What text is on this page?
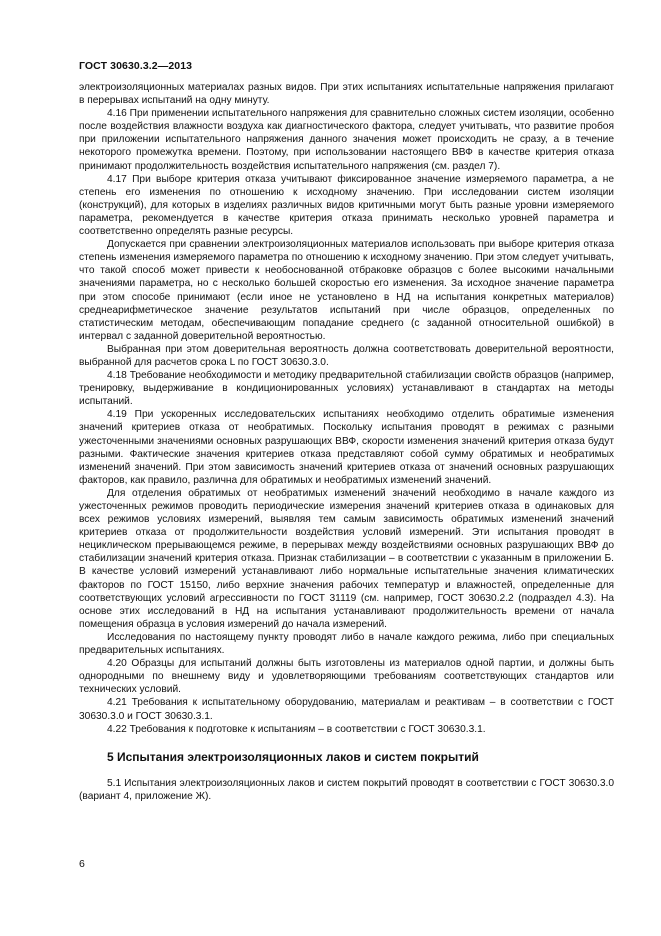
ГОСТ 30630.3.2—2013

электроизоляционных материалах разных видов. При этих испытаниях испытательные напряжения прилагают в перерывах испытаний на одну минуту.

4.16 При применении испытательного напряжения для сравнительно сложных систем изоляции, особенно после воздействия влажности воздуха как диагностического фактора, следует учитывать, что развитие пробоя при приложении испытательного напряжения данного значения может происходить не сразу, а в течение некоторого промежутка времени. Поэтому, при использовании настоящего ВВФ в качестве критерия отказа принимают продолжительность воздействия испытательного напряжения (см. раздел 7).

4.17 При выборе критерия отказа учитывают фиксированное значение измеряемого параметра, а не степень его изменения по отношению к исходному значению. При исследовании систем изоляции (конструкций), для которых в изделиях различных видов критичными могут быть разные уровни измеряемого параметра, рекомендуется в качестве критерия отказа принимать несколько уровней параметра и соответственно определять разные ресурсы.

Допускается при сравнении электроизоляционных материалов использовать при выборе критерия отказа степень изменения измеряемого параметра по отношению к исходному значению. При этом следует учитывать, что такой способ может привести к необоснованной отбраковке образцов с более высокими начальными значениями параметра, но с несколько большей скоростью его изменения. За исходное значение параметра при этом способе принимают (если иное не установлено в НД на испытания конкретных материалов) среднеарифметическое значение результатов испытаний при числе образцов, определенных по статистическим методам, обеспечивающим попадание среднего (с заданной относительной ошибкой) в интервал с заданной доверительной вероятностью.

Выбранная при этом доверительная вероятность должна соответствовать доверительной вероятности, выбранной для расчетов срока L по ГОСТ 30630.3.0.

4.18 Требование необходимости и методику предварительной стабилизации свойств образцов (например, тренировку, выдерживание в кондиционированных условиях) устанавливают в стандартах на методы испытаний.

4.19 При ускоренных исследовательских испытаниях необходимо отделить обратимые изменения значений критериев отказа от необратимых. Поскольку испытания проводят в режимах с разными ужесточенными значениями основных разрушающих ВВФ, скорости изменения значений критерия отказа будут разными. Фактические значения критериев отказа представляют собой сумму обратимых и необратимых изменений значений. При этом зависимость значений критериев отказа от значений основных разрушающих факторов, как правило, различна для обратимых и необратимых изменений значений.

Для отделения обратимых от необратимых изменений значений необходимо в начале каждого из ужесточенных режимов проводить периодические измерения значений критериев отказа в одинаковых для всех режимов условиях измерений, выявляя тем самым зависимость обратимых изменений значений критериев отказа от продолжительности воздействия условий измерений. Эти испытания проводят в нециклическом прерывающемся режиме, в перерывах между воздействиями основных разрушающих ВВФ до стабилизации значений критерия отказа. Признак стабилизации – в соответствии с указанным в приложении Б. В качестве условий измерений устанавливают либо нормальные испытательные значения климатических факторов по ГОСТ 15150, либо верхние значения рабочих температур и влажностей, определенные для соответствующих условий агрессивности по ГОСТ 31119 (см. например, ГОСТ 30630.2.2 (подраздел 4.3). На основе этих исследований в НД на испытания устанавливают продолжительность времени от начала помещения образца в условия измерений до начала измерений.

Исследования по настоящему пункту проводят либо в начале каждого режима, либо при специальных предварительных испытаниях.

4.20 Образцы для испытаний должны быть изготовлены из материалов одной партии, и должны быть однородными по внешнему виду и удовлетворяющими требованиям соответствующих стандартов или технических условий.

4.21 Требования к испытательному оборудованию, материалам и реактивам – в соответствии с ГОСТ 30630.3.0 и ГОСТ 30630.3.1.

4.22 Требования к подготовке к испытаниям – в соответствии с ГОСТ 30630.3.1.

5 Испытания электроизоляционных лаков и систем покрытий

5.1 Испытания электроизоляционных лаков и систем покрытий проводят в соответствии с ГОСТ 30630.3.0 (вариант 4, приложение Ж).

6
